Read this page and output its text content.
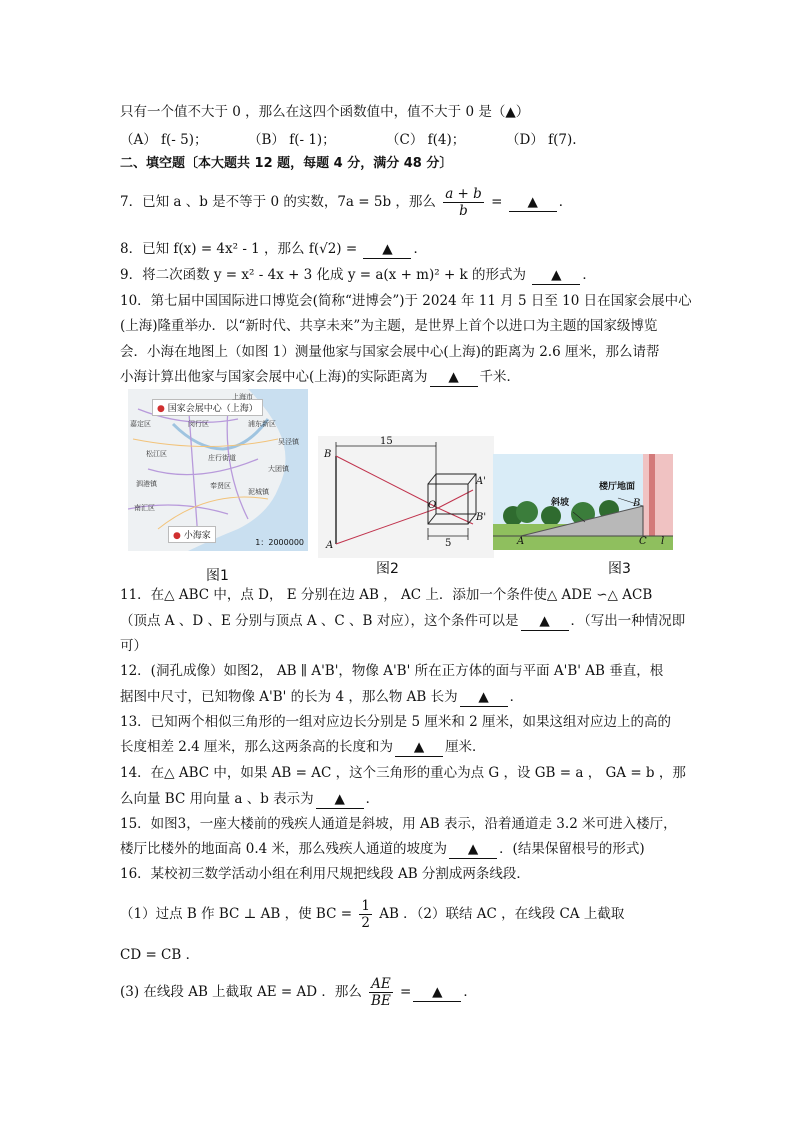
只有一个值不大于 0 ，那么在这四个函数值中，值不大于 0 是（▲）
（A） f(- 5)；	（B） f(- 1)；	（C） f(4)；	（D） f(7).
二、填空题〔本大题共 12 题，每题 4 分，满分 48 分〕
7．已知 a 、b 是不等于 0 的实数，7a = 5b ，那么 $\frac{a + b}{b}$ = ▲ ．
8．已知 f(x) = 4x² - 1 ，那么 f(√2) = ▲ ．
9．将二次函数 y = x² - 4x + 3 化成 y = a(x + m)² + k 的形式为 ▲ ．
10．第七届中国国际进口博览会(简称“进博会”)于 2024 年 11 月 5 日至 10 日在国家会展中心
(上海)隆重举办．以“新时代、共享未来”为主题，是世界上首个以进口为主题的国家级博览
会．小海在地图上（如图 1）测量他家与国家会展中心(上海)的距离为 2.6 厘米，那么请帮
小海计算出他家与国家会展中心(上海)的实际距离为 ▲ 千米．
● 国家会展中心（上海）
● 小海家
1：2000000
上海市
嘉定区	闵行区	浦东新区
松江区
吴泾镇
庄行街道
大团镇
泗港镇	奉贤区
泥城镇
南汇区
图1
15
5
B
A
O
A'
B'
图2
斜坡
楼厅地面
A
B
C l
图3
11．在△ ABC 中，点 D， E 分别在边 AB ， AC 上．添加一个条件使△ ADE ∽△ ACB
（顶点 A 、D 、E 分别与顶点 A 、C 、B 对应），这个条件可以是 ▲ ．（写出一种情况即
可）
12．(洞孔成像）如图2， AB ∥ A'B'，物像 A'B' 所在正方体的面与平面 A'B' AB 垂直，根
据图中尺寸，已知物像 A'B' 的长为 4 ，那么物 AB 长为 ▲ ．
13．已知两个相似三角形的一组对应边长分别是 5 厘米和 2 厘米，如果这组对应边上的高的
长度相差 2.4 厘米，那么这两条高的长度和为 ▲ 厘米．
14．在△ ABC 中，如果 AB = AC ，这个三角形的重心为点 G ，设 GB = a ， GA = b ，那
么向量 BC 用向量 a 、b 表示为 ▲ ．
15．如图3，一座大楼前的残疾人通道是斜坡，用 AB 表示，沿着通道走 3.2 米可进入楼厅，
楼厅比楼外的地面高 0.4 米，那么残疾人通道的坡度为 ▲ ．(结果保留根号的形式)
16．某校初三数学活动小组在利用尺规把线段 AB 分割成两条线段．
（1）过点 B 作 BC ⊥ AB ，使 BC = $\frac{1}{2}$ AB ．（2）联结 AC ，在线段 CA 上截取
CD = CB ．
(3) 在线段 AB 上截取 AE = AD ．那么 $\frac{AE}{BE}$ = ▲ ．
